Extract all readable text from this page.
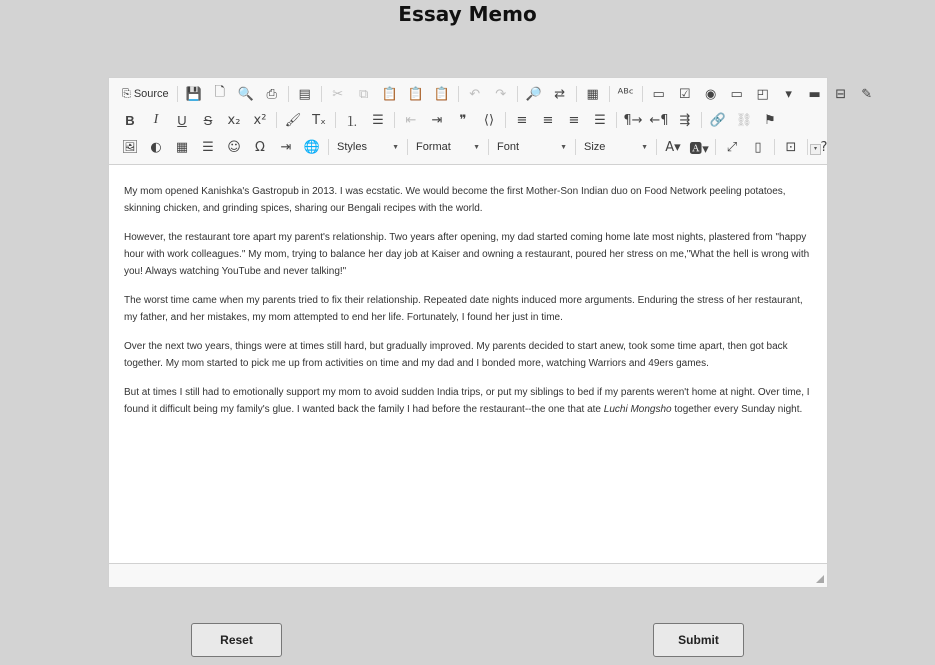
Essay Memo
⎘ Source 💾 🗋 🔍 ⎙ ▤ ✂ ⧉ 📋 📋 📋 ↶ ↷ 🔎 ⇄ ▦ ᴬᴮᶜ ▭ ☑ ◉ ▭ ◰ ▾ ▬ ⊟ ✎
B I U S x₂ x² 🖌 Tₓ ⒈ ☰ ⇤ ⇥ ❞ ⟨⟩ ≡ ≡ ≡ ☰ ¶→ ←¶ ⇶ 🔗 ⛓ ⚑
🖼 ◐ ▦ ☰ ☺ Ω ⇥ 🌐 Styles	▼ Format	▼ Font	▼ Size	▼ A▾ 🅰▾ ⤢ ▯ ⊡ ?
▾

My mom opened Kanishka's Gastropub in 2013. I was ecstatic. We would become the first Mother-Son Indian duo on Food Network peeling potatoes, skinning chicken, and grinding spices, sharing our Bengali recipes with the world.

However, the restaurant tore apart my parent's relationship. Two years after opening, my dad started coming home late most nights, plastered from "happy hour with work colleagues." My mom, trying to balance her day job at Kaiser and owning a restaurant, poured her stress on me,"What the hell is wrong with you! Always watching YouTube and never talking!"

The worst time came when my parents tried to fix their relationship. Repeated date nights induced more arguments. Enduring the stress of her restaurant, my father, and her mistakes, my mom attempted to end her life. Fortunately, I found her just in time.

Over the next two years, things were at times still hard, but gradually improved. My parents decided to start anew, took some time apart, then got back together. My mom started to pick me up from activities on time and my dad and I bonded more, watching Warriors and 49ers games.

But at times I still had to emotionally support my mom to avoid sudden India trips, or put my siblings to bed if my parents weren't home at night. Over time, I found it difficult being my family's glue. I wanted back the family I had before the restaurant--the one that ate Luchi Mongsho together every Sunday night.

Reset	Submit
